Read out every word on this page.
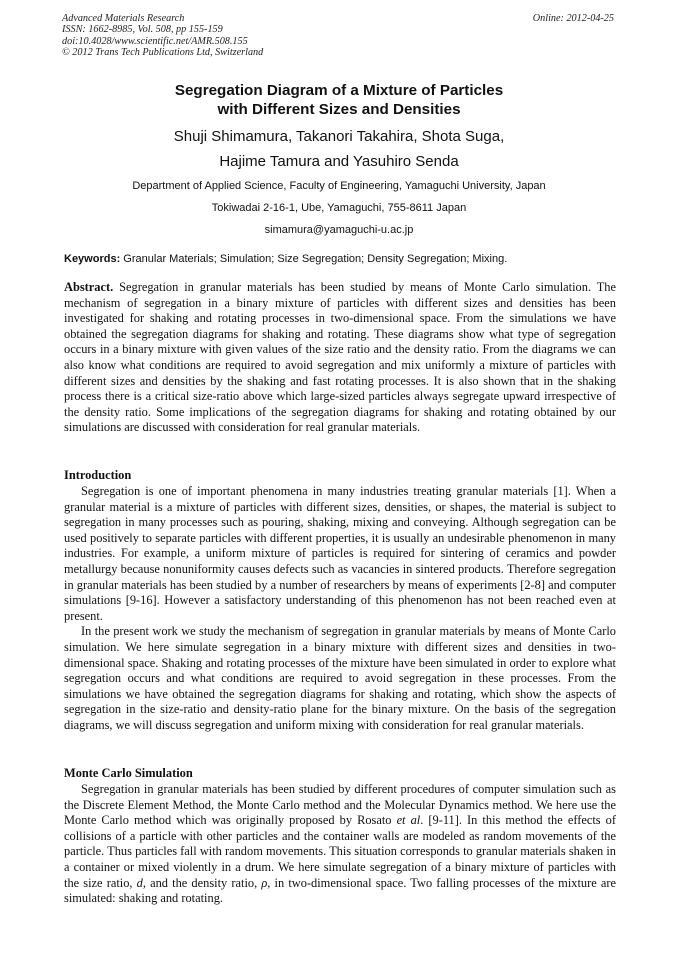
Advanced Materials Research
ISSN: 1662-8985, Vol. 508, pp 155-159
doi:10.4028/www.scientific.net/AMR.508.155
© 2012 Trans Tech Publications Ltd, Switzerland
Online: 2012-04-25
Segregation Diagram of a Mixture of Particles
with Different Sizes and Densities
Shuji Shimamura, Takanori Takahira, Shota Suga,
Hajime Tamura and Yasuhiro Senda
Department of Applied Science, Faculty of Engineering, Yamaguchi University, Japan
Tokiwadai 2-16-1, Ube, Yamaguchi, 755-8611 Japan
simamura@yamaguchi-u.ac.jp
Keywords: Granular Materials; Simulation; Size Segregation; Density Segregation; Mixing.

Abstract. Segregation in granular materials has been studied by means of Monte Carlo simulation. The mechanism of segregation in a binary mixture of particles with different sizes and densities has been investigated for shaking and rotating processes in two-dimensional space. From the simulations we have obtained the segregation diagrams for shaking and rotating. These diagrams show what type of segregation occurs in a binary mixture with given values of the size ratio and the density ratio. From the diagrams we can also know what conditions are required to avoid segregation and mix uniformly a mixture of particles with different sizes and densities by the shaking and fast rotating processes. It is also shown that in the shaking process there is a critical size-ratio above which large-sized particles always segregate upward irrespective of the density ratio. Some implications of the segregation diagrams for shaking and rotating obtained by our simulations are discussed with consideration for real granular materials.

Introduction

Segregation is one of important phenomena in many industries treating granular materials [1]. When a granular material is a mixture of particles with different sizes, densities, or shapes, the material is subject to segregation in many processes such as pouring, shaking, mixing and conveying. Although segregation can be used positively to separate particles with different properties, it is usually an undesirable phenomenon in many industries. For example, a uniform mixture of particles is required for sintering of ceramics and powder metallurgy because nonuniformity causes defects such as vacancies in sintered products. Therefore segregation in granular materials has been studied by a number of researchers by means of experiments [2-8] and computer simulations [9-16]. However a satisfactory understanding of this phenomenon has not been reached even at present.

In the present work we study the mechanism of segregation in granular materials by means of Monte Carlo simulation. We here simulate segregation in a binary mixture with different sizes and densities in two-dimensional space. Shaking and rotating processes of the mixture have been simulated in order to explore what segregation occurs and what conditions are required to avoid segregation in these processes. From the simulations we have obtained the segregation diagrams for shaking and rotating, which show the aspects of segregation in the size-ratio and density-ratio plane for the binary mixture. On the basis of the segregation diagrams, we will discuss segregation and uniform mixing with consideration for real granular materials.

Monte Carlo Simulation

Segregation in granular materials has been studied by different procedures of computer simulation such as the Discrete Element Method, the Monte Carlo method and the Molecular Dynamics method. We here use the Monte Carlo method which was originally proposed by Rosato et al. [9-11]. In this method the effects of collisions of a particle with other particles and the container walls are modeled as random movements of the particle. Thus particles fall with random movements. This situation corresponds to granular materials shaken in a container or mixed violently in a drum. We here simulate segregation of a binary mixture of particles with the size ratio, d, and the density ratio, ρ, in two-dimensional space. Two falling processes of the mixture are simulated: shaking and rotating.
